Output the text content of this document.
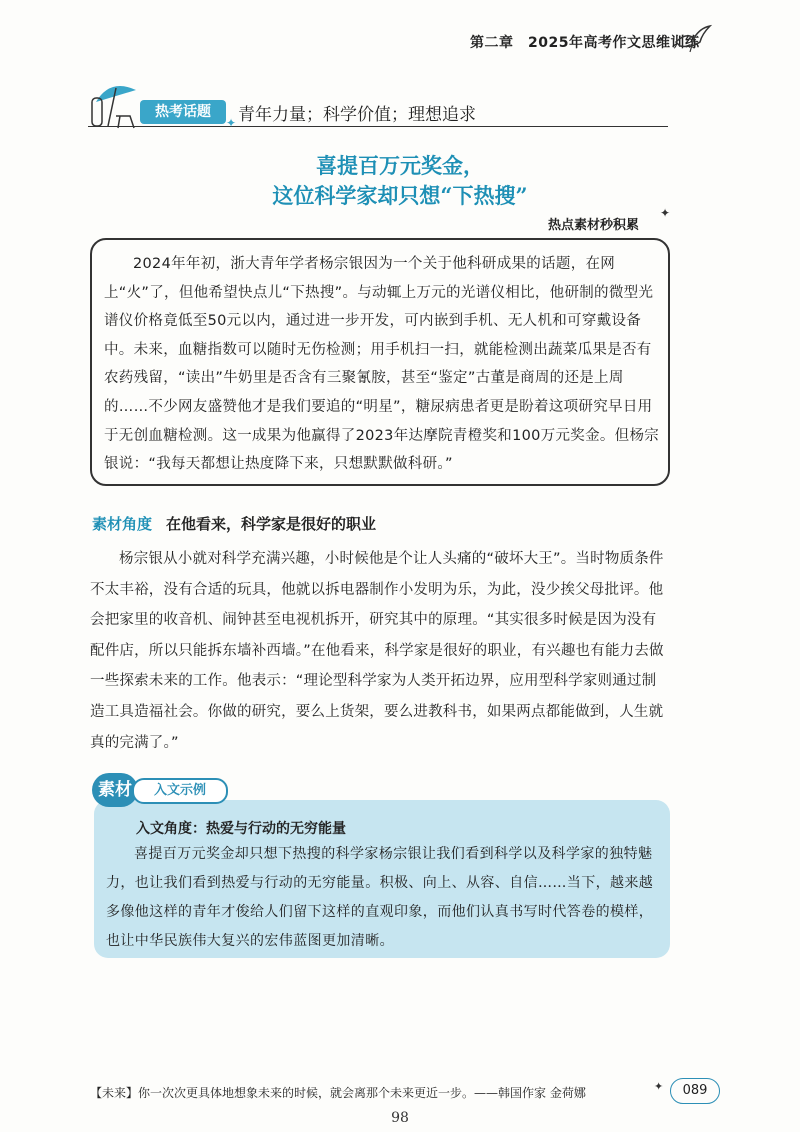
第二章　2025年高考作文思维训练
热考话题	青年力量；科学价值；理想追求
✦
喜提百万元奖金，
这位科学家却只想“下热搜”
热点素材秒积累
✦
2024年年初，浙大青年学者杨宗银因为一个关于他科研成果的话题，在网上“火”了，但他希望快点儿“下热搜”。与动辄上万元的光谱仪相比，他研制的微型光谱仪价格竟低至50元以内，通过进一步开发，可内嵌到手机、无人机和可穿戴设备中。未来，血糖指数可以随时无伤检测；用手机扫一扫，就能检测出蔬菜瓜果是否有农药残留，“读出”牛奶里是否含有三聚氰胺，甚至“鉴定”古董是商周的还是上周的……不少网友盛赞他才是我们要追的“明星”，糖尿病患者更是盼着这项研究早日用于无创血糖检测。这一成果为他赢得了2023年达摩院青橙奖和100万元奖金。但杨宗银说：“我每天都想让热度降下来，只想默默做科研。”
素材角度 在他看来，科学家是很好的职业
杨宗银从小就对科学充满兴趣，小时候他是个让人头痛的“破坏大王”。当时物质条件不太丰裕，没有合适的玩具，他就以拆电器制作小发明为乐，为此，没少挨父母批评。他会把家里的收音机、闹钟甚至电视机拆开，研究其中的原理。“其实很多时候是因为没有配件店，所以只能拆东墙补西墙。”在他看来，科学家是很好的职业，有兴趣也有能力去做一些探索未来的工作。他表示：“理论型科学家为人类开拓边界，应用型科学家则通过制造工具造福社会。你做的研究，要么上货架，要么进教科书，如果两点都能做到，人生就真的完满了。”
素材	入文示例
入文角度：热爱与行动的无穷能量
喜提百万元奖金却只想下热搜的科学家杨宗银让我们看到科学以及科学家的独特魅力，也让我们看到热爱与行动的无穷能量。积极、向上、从容、自信……当下，越来越多像他这样的青年才俊给人们留下这样的直观印象，而他们认真书写时代答卷的模样，也让中华民族伟大复兴的宏伟蓝图更加清晰。
【未来】你一次次更具体地想象未来的时候，就会离那个未来更近一步。——韩国作家 金荷娜	✦	089
98
